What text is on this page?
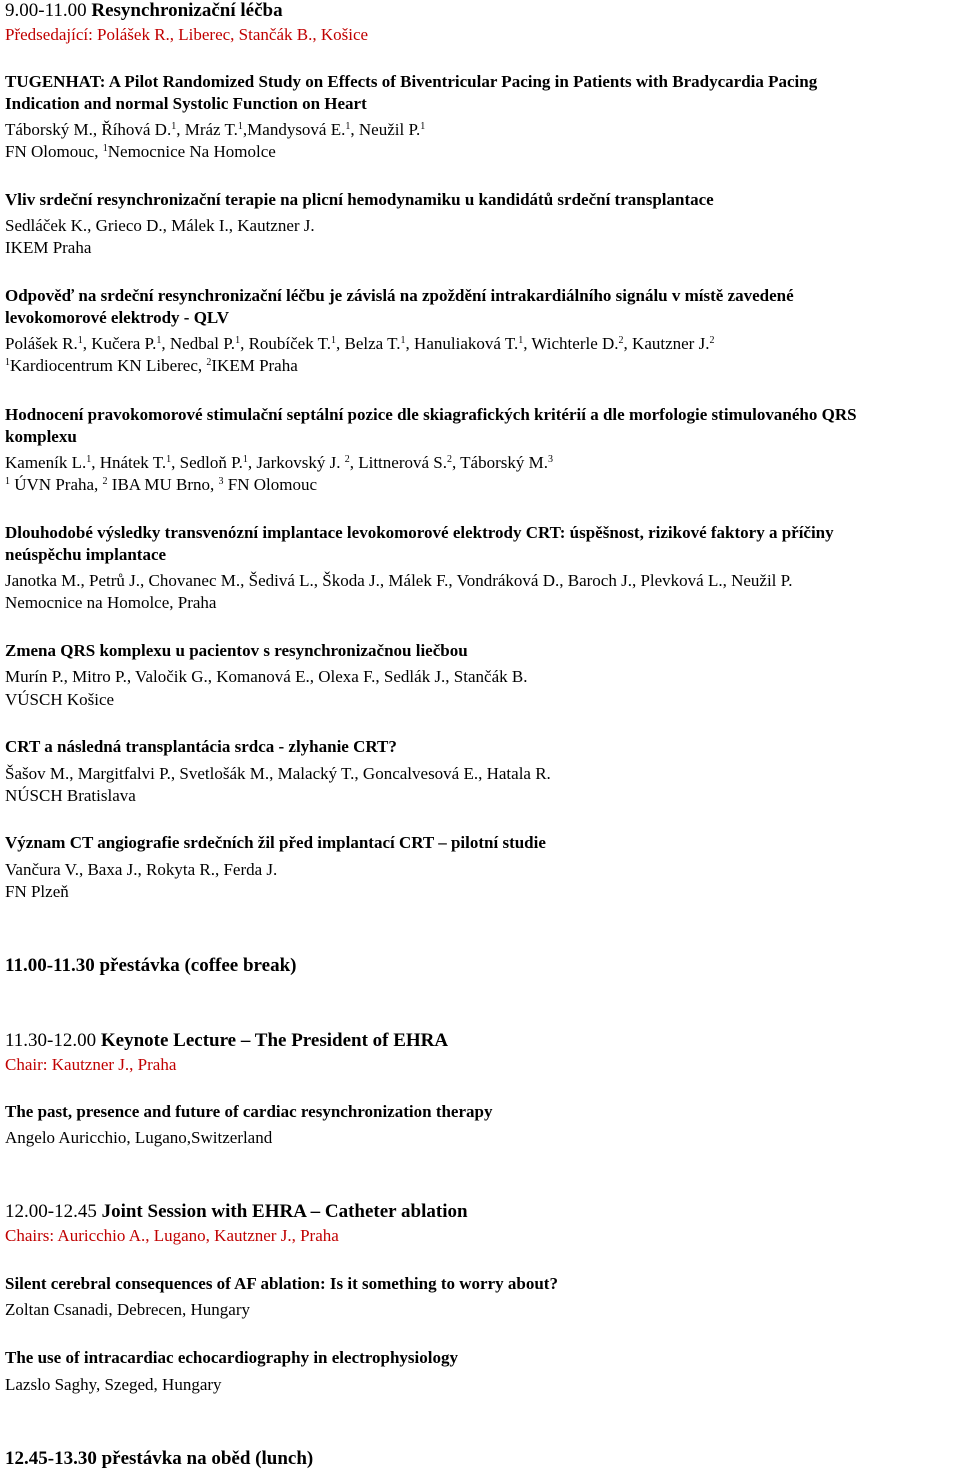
9.00-11.00 Resynchronizační léčba
Předsedající: Polášek R., Liberec, Stančák B., Košice
TUGENHAT: A Pilot Randomized Study on Effects of Biventricular Pacing in Patients with Bradycardia Pacing
Indication and normal Systolic Function on Heart
Táborský M., Říhová D.$^1$, Mráz T.$^1$,Mandysová E.$^1$, Neužil P.$^1$
FN Olomouc, $^1$Nemocnice Na Homolce
Vliv srdeční resynchronizační terapie na plicní hemodynamiku u kandidátů srdeční transplantace
Sedláček K., Grieco D., Málek I., Kautzner J.
IKEM Praha
Odpověď na srdeční resynchronizační léčbu je závislá na zpoždění intrakardiálního signálu v místě zavedené
levokomorové elektrody - QLV
Polášek R.$^1$, Kučera P.$^1$, Nedbal P.$^1$, Roubíček T.$^1$, Belza T.$^1$, Hanuliaková T.$^1$, Wichterle D.$^2$, Kautzner J.$^2$
$^1$Kardiocentrum KN Liberec, $^2$IKEM Praha
Hodnocení pravokomorové stimulační septální pozice dle skiagrafických kritérií a dle morfologie stimulovaného QRS
komplexu
Kameník L.$^1$, Hnátek T.$^1$, Sedloň P.$^1$, Jarkovský J. $^2$, Littnerová S.$^2$, Táborský M.$^3$
$^1$ ÚVN Praha, $^2$ IBA MU Brno, $^3$ FN Olomouc
Dlouhodobé výsledky transvenózní implantace levokomorové elektrody CRT: úspěšnost, rizikové faktory a příčiny
neúspěchu implantace
Janotka M., Petrů J., Chovanec M., Šedivá L., Škoda J., Málek F., Vondráková D., Baroch J., Plevková L., Neužil P.
Nemocnice na Homolce, Praha
Zmena QRS komplexu u pacientov s resynchronizačnou liečbou
Murín P., Mitro P., Valočik G., Komanová E., Olexa F., Sedlák J., Stančák B.
VÚSCH Košice
CRT a následná transplantácia srdca - zlyhanie CRT?
Šašov M., Margitfalvi P., Svetlošák M., Malacký T., Goncalvesová E., Hatala R.
NÚSCH Bratislava
Význam CT angiografie srdečních žil před implantací CRT – pilotní studie
Vančura V., Baxa J., Rokyta R., Ferda J.
FN Plzeň
11.00-11.30 přestávka (coffee break)
11.30-12.00 Keynote Lecture – The President of EHRA
Chair: Kautzner J., Praha
The past, presence and future of cardiac resynchronization therapy
Angelo Auricchio, Lugano,Switzerland
12.00-12.45 Joint Session with EHRA – Catheter ablation
Chairs: Auricchio A., Lugano, Kautzner J., Praha
Silent cerebral consequences of AF ablation: Is it something to worry about?
Zoltan Csanadi, Debrecen, Hungary
The use of intracardiac echocardiography in electrophysiology
Lazslo Saghy, Szeged, Hungary
12.45-13.30 přestávka na oběd (lunch)
